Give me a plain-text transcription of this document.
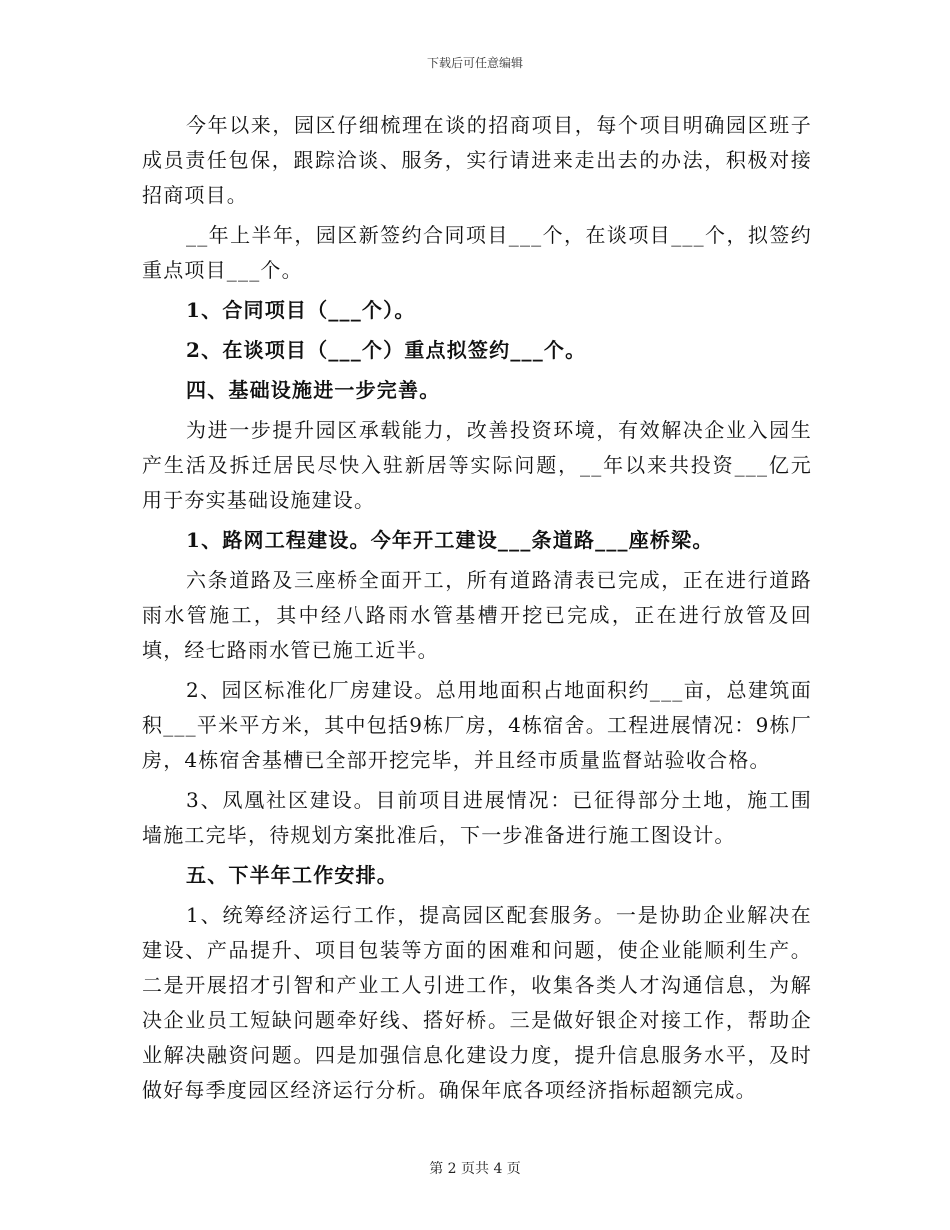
下载后可任意编辑

今年以来，园区仔细梳理在谈的招商项目，每个项目明确园区班子成员责任包保，跟踪洽谈、服务，实行请进来走出去的办法，积极对接招商项目。

__年上半年，园区新签约合同项目___个，在谈项目___个，拟签约重点项目___个。

1、合同项目（___个）。

2、在谈项目（___个）重点拟签约___个。

四、基础设施进一步完善。

为进一步提升园区承载能力，改善投资环境，有效解决企业入园生产生活及拆迁居民尽快入驻新居等实际问题，__年以来共投资___亿元用于夯实基础设施建设。

1、路网工程建设。今年开工建设___条道路___座桥梁。

六条道路及三座桥全面开工，所有道路清表已完成，正在进行道路雨水管施工，其中经八路雨水管基槽开挖已完成，正在进行放管及回填，经七路雨水管已施工近半。

2、园区标准化厂房建设。总用地面积占地面积约___亩，总建筑面积___平米平方米，其中包括9栋厂房，4栋宿舍。工程进展情况：9栋厂房，4栋宿舍基槽已全部开挖完毕，并且经市质量监督站验收合格。

3、凤凰社区建设。目前项目进展情况：已征得部分土地，施工围墙施工完毕，待规划方案批准后，下一步准备进行施工图设计。

五、下半年工作安排。

1、统筹经济运行工作，提高园区配套服务。一是协助企业解决在建设、产品提升、项目包装等方面的困难和问题，使企业能顺利生产。二是开展招才引智和产业工人引进工作，收集各类人才沟通信息，为解决企业员工短缺问题牵好线、搭好桥。三是做好银企对接工作，帮助企业解决融资问题。四是加强信息化建设力度，提升信息服务水平，及时做好每季度园区经济运行分析。确保年底各项经济指标超额完成。

第 2 页共 4 页
